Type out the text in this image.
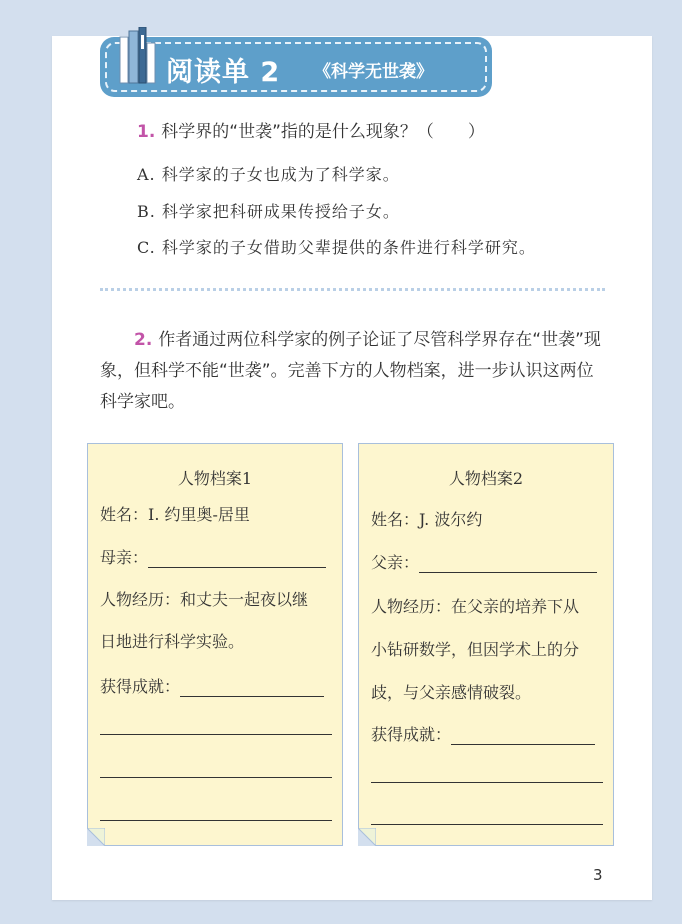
阅读单 2 《科学无世袭》
1. 科学界的“世袭”指的是什么现象？（　　）
A. 科学家的子女也成为了科学家。
B. 科学家把科研成果传授给子女。
C. 科学家的子女借助父辈提供的条件进行科学研究。
2. 作者通过两位科学家的例子论证了尽管科学界存在“世袭”现象，但科学不能“世袭”。完善下方的人物档案，进一步认识这两位科学家吧。
人物档案1
姓名：I. 约里奥-居里
母亲：
人物经历：和丈夫一起夜以继
日地进行科学实验。
获得成就：
人物档案2
姓名：J. 波尔约
父亲：
人物经历：在父亲的培养下从
小钻研数学，但因学术上的分
歧，与父亲感情破裂。
获得成就：
3
